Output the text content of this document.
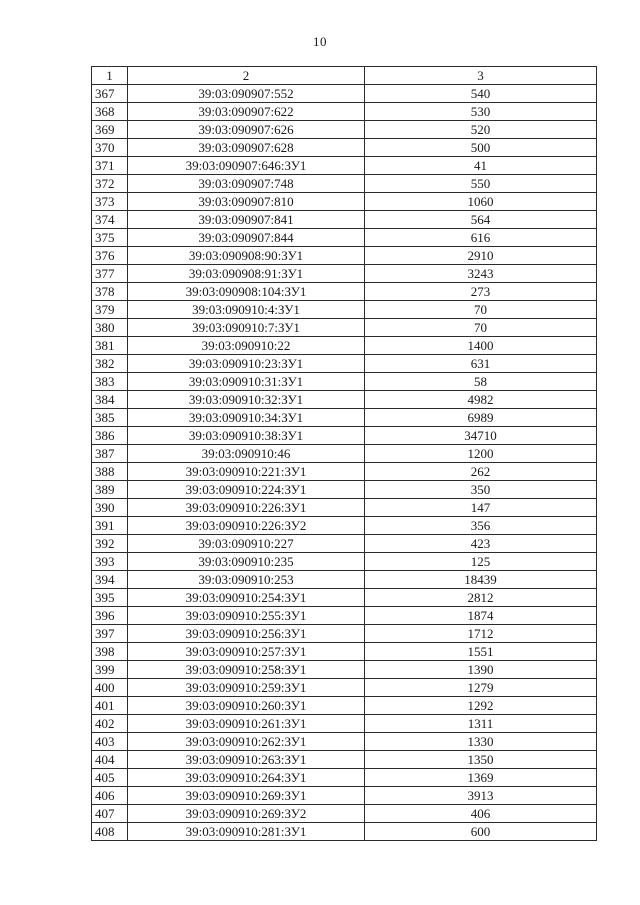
10
1	2	3
367	39:03:090907:552	540
368	39:03:090907:622	530
369	39:03:090907:626	520
370	39:03:090907:628	500
371	39:03:090907:646:ЗУ1	41
372	39:03:090907:748	550
373	39:03:090907:810	1060
374	39:03:090907:841	564
375	39:03:090907:844	616
376	39:03:090908:90:ЗУ1	2910
377	39:03:090908:91:ЗУ1	3243
378	39:03:090908:104:ЗУ1	273
379	39:03:090910:4:ЗУ1	70
380	39:03:090910:7:ЗУ1	70
381	39:03:090910:22	1400
382	39:03:090910:23:ЗУ1	631
383	39:03:090910:31:ЗУ1	58
384	39:03:090910:32:ЗУ1	4982
385	39:03:090910:34:ЗУ1	6989
386	39:03:090910:38:ЗУ1	34710
387	39:03:090910:46	1200
388	39:03:090910:221:ЗУ1	262
389	39:03:090910:224:ЗУ1	350
390	39:03:090910:226:ЗУ1	147
391	39:03:090910:226:ЗУ2	356
392	39:03:090910:227	423
393	39:03:090910:235	125
394	39:03:090910:253	18439
395	39:03:090910:254:ЗУ1	2812
396	39:03:090910:255:ЗУ1	1874
397	39:03:090910:256:ЗУ1	1712
398	39:03:090910:257:ЗУ1	1551
399	39:03:090910:258:ЗУ1	1390
400	39:03:090910:259:ЗУ1	1279
401	39:03:090910:260:ЗУ1	1292
402	39:03:090910:261:ЗУ1	1311
403	39:03:090910:262:ЗУ1	1330
404	39:03:090910:263:ЗУ1	1350
405	39:03:090910:264:ЗУ1	1369
406	39:03:090910:269:ЗУ1	3913
407	39:03:090910:269:ЗУ2	406
408	39:03:090910:281:ЗУ1	600
